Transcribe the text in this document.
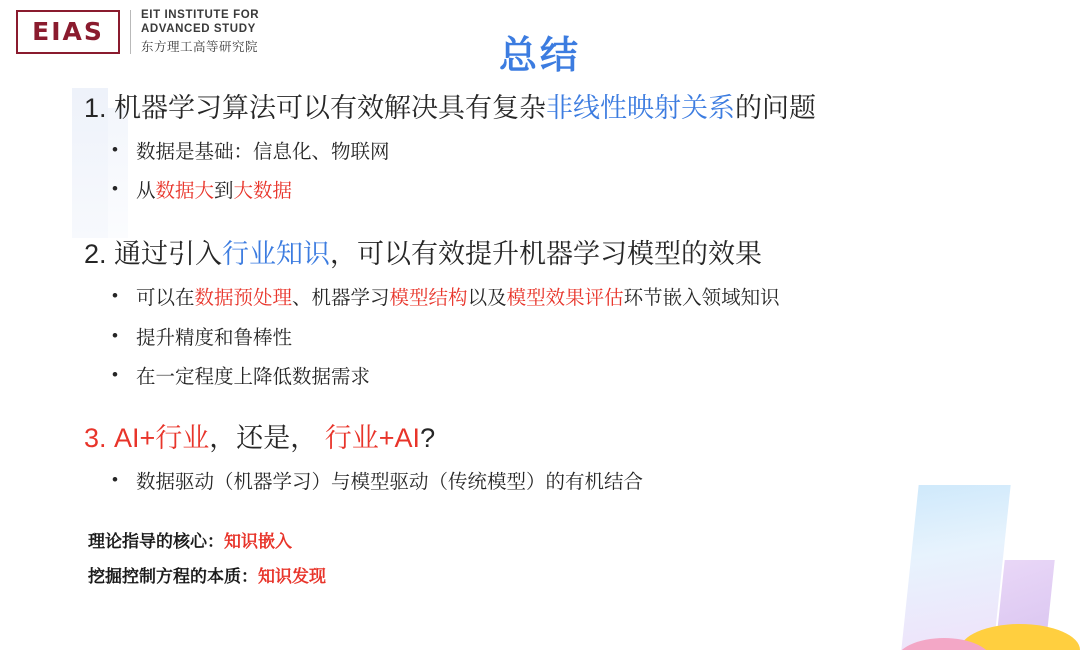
EIAS
EIT INSTITUTE FOR
ADVANCED STUDY
东方理工高等研究院	总结
1. 机器学习算法可以有效解决具有复杂非线性映射关系的问题
• 数据是基础：信息化、物联网
• 从数据大到大数据
2. 通过引入行业知识，可以有效提升机器学习模型的效果
• 可以在数据预处理、机器学习模型结构以及模型效果评估环节嵌入领域知识
• 提升精度和鲁棒性
• 在一定程度上降低数据需求
3. AI+行业，还是， 行业+AI?
• 数据驱动（机器学习）与模型驱动（传统模型）的有机结合
理论指导的核心：知识嵌入
挖掘控制方程的本质：知识发现
